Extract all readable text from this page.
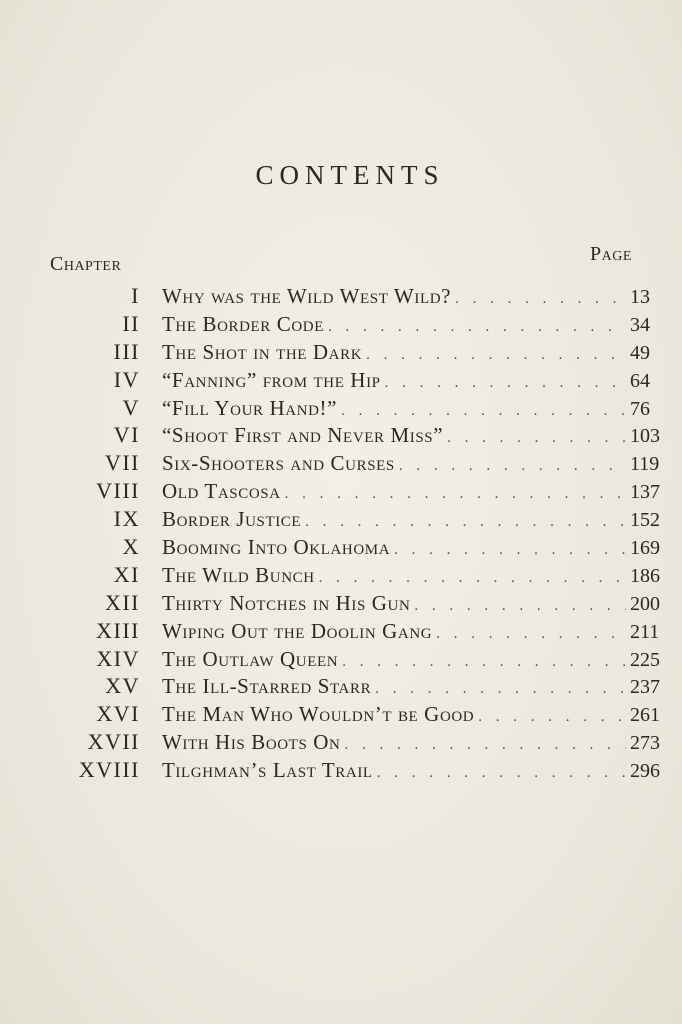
CONTENTS
Chapter	Page
I Why was the Wild West Wild? . . .	13
II The Border Code . . .	34
III The Shot in the Dark . . .	49
IV “Fanning” from the Hip . . .	64
V “Fill Your Hand!” . . .	76
VI “Shoot First and Never Miss” . . .	103
VII Six-Shooters and Curses . . .	119
VIII Old Tascosa . . .	137
IX Border Justice . . .	152
X Booming Into Oklahoma . . .	169
XI The Wild Bunch . . .	186
XII Thirty Notches in His Gun . . .	200
XIII Wiping Out the Doolin Gang . . .	211
XIV The Outlaw Queen . . .	225
XV The Ill-Starred Starr . . .	237
XVI The Man Who Wouldn’t be Good . . .	261
XVII With His Boots On . . .	273
XVIII Tilghman’s Last Trail . . .	296
